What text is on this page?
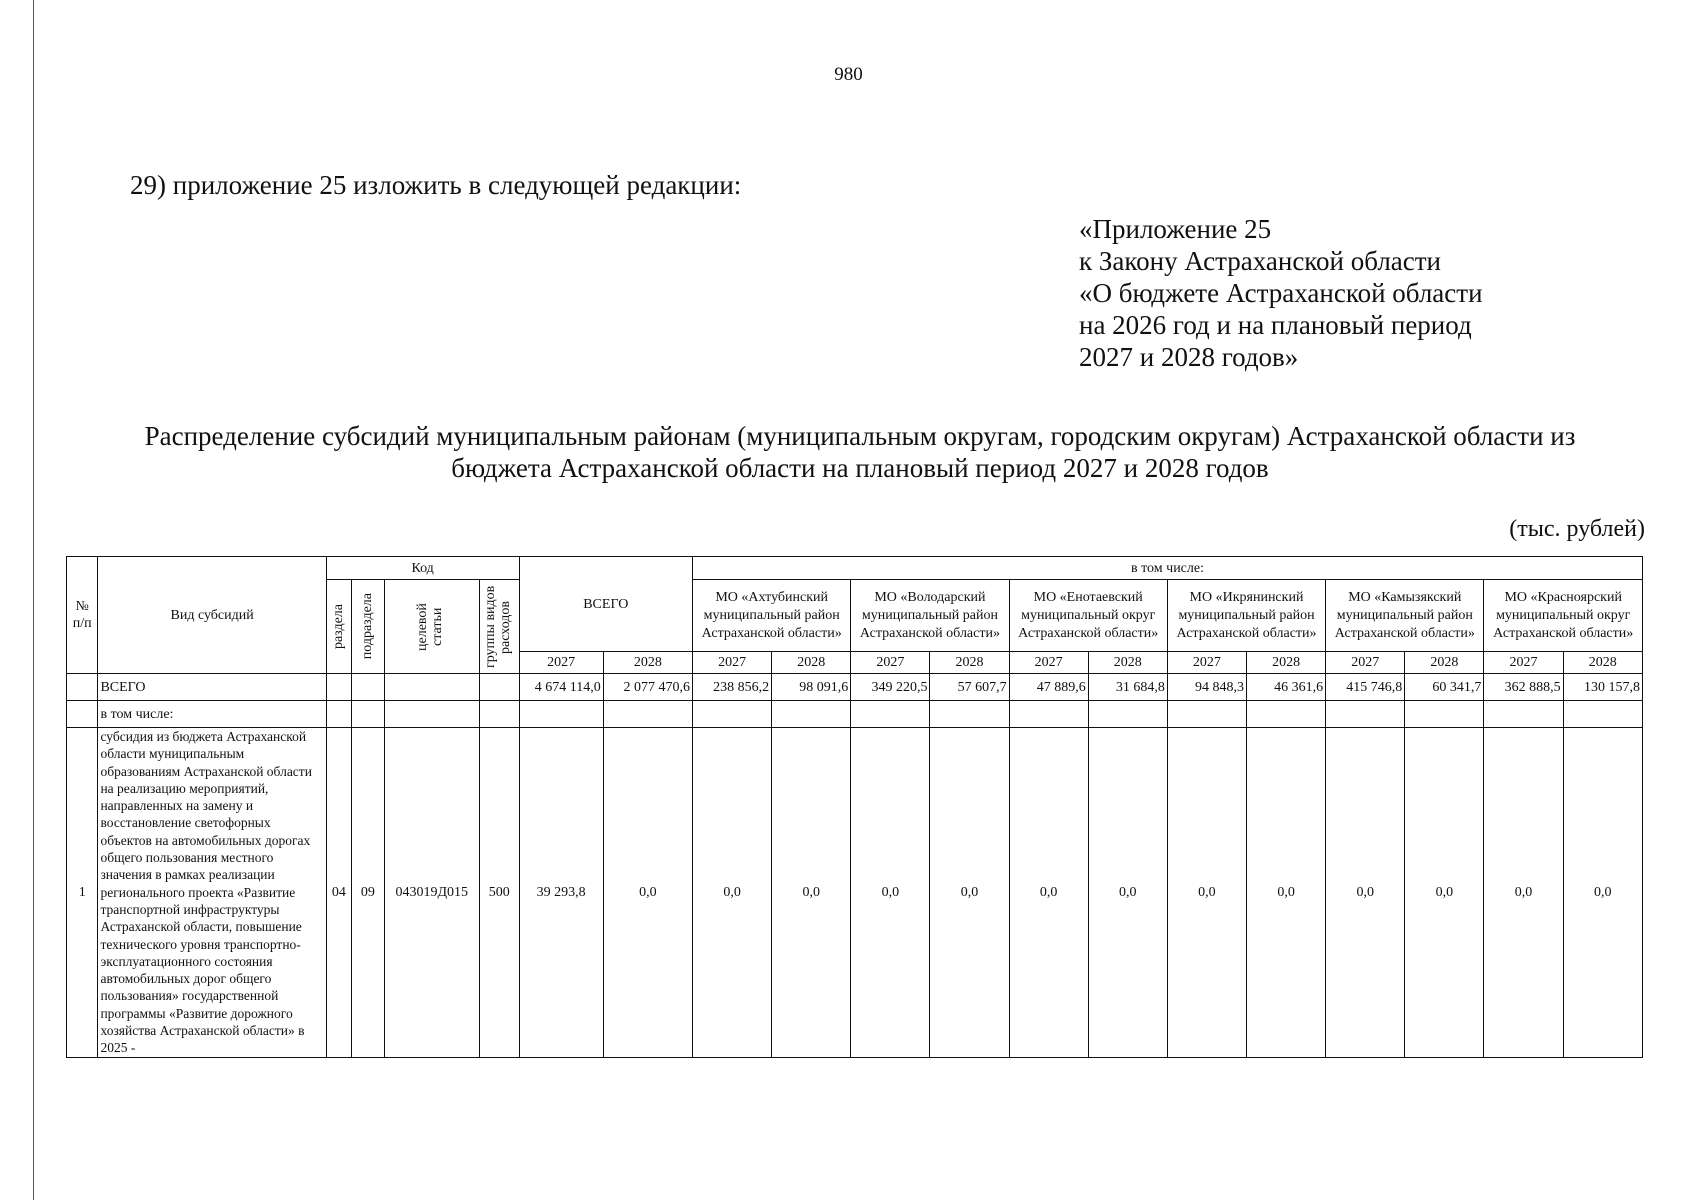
980
29) приложение 25 изложить в следующей редакции:
«Приложение 25
к Закону Астраханской области
«О бюджете Астраханской области
на 2026 год и на плановый период
2027 и 2028 годов»
Распределение субсидий муниципальным районам (муниципальным округам, городским округам) Астраханской области из
бюджета Астраханской области на плановый период 2027 и 2028 годов
(тыс. рублей)
№ п/п	Вид субсидий	Код				ВСЕГО		в том числе:											

		раздела	подраздела	целевой статьи	группы видов расходов			МО «Ахтубинский муниципальный район Астраханской области»		МО «Володарский муниципальный район Астраханской области»		МО «Енотаевский муниципальный округ Астраханской области»		МО «Икрянинский муниципальный район Астраханской области»		МО «Камызякский муниципальный район Астраханской области»		МО «Красноярский муниципальный округ Астраханской области»	
						2027	2028	2027	2028	2027	2028	2027	2028	2027	2028	2027	2028	2027	2028
	ВСЕГО					4 674 114,0	2 077 470,6	238 856,2	98 091,6	349 220,5	57 607,7	47 889,6	31 684,8	94 848,3	46 361,6	415 746,8	60 341,7	362 888,5	130 157,8
	в том числе:																		
1	субсидия из бюджета Астраханской области муниципальным образованиям Астраханской области на реализацию мероприятий, направленных на замену и восстановление светофорных объектов на автомобильных дорогах общего пользования местного значения в рамках реализации регионального проекта «Развитие транспортной инфраструктуры Астраханской области, повышение технического уровня транспортно-эксплуатационного состояния автомобильных дорог общего пользования» государственной программы «Развитие дорожного хозяйства Астраханской области» в 2025 -	04	09	043019Д015	500	39 293,8	0,0	0,0	0,0	0,0	0,0	0,0	0,0	0,0	0,0	0,0	0,0	0,0	0,0
